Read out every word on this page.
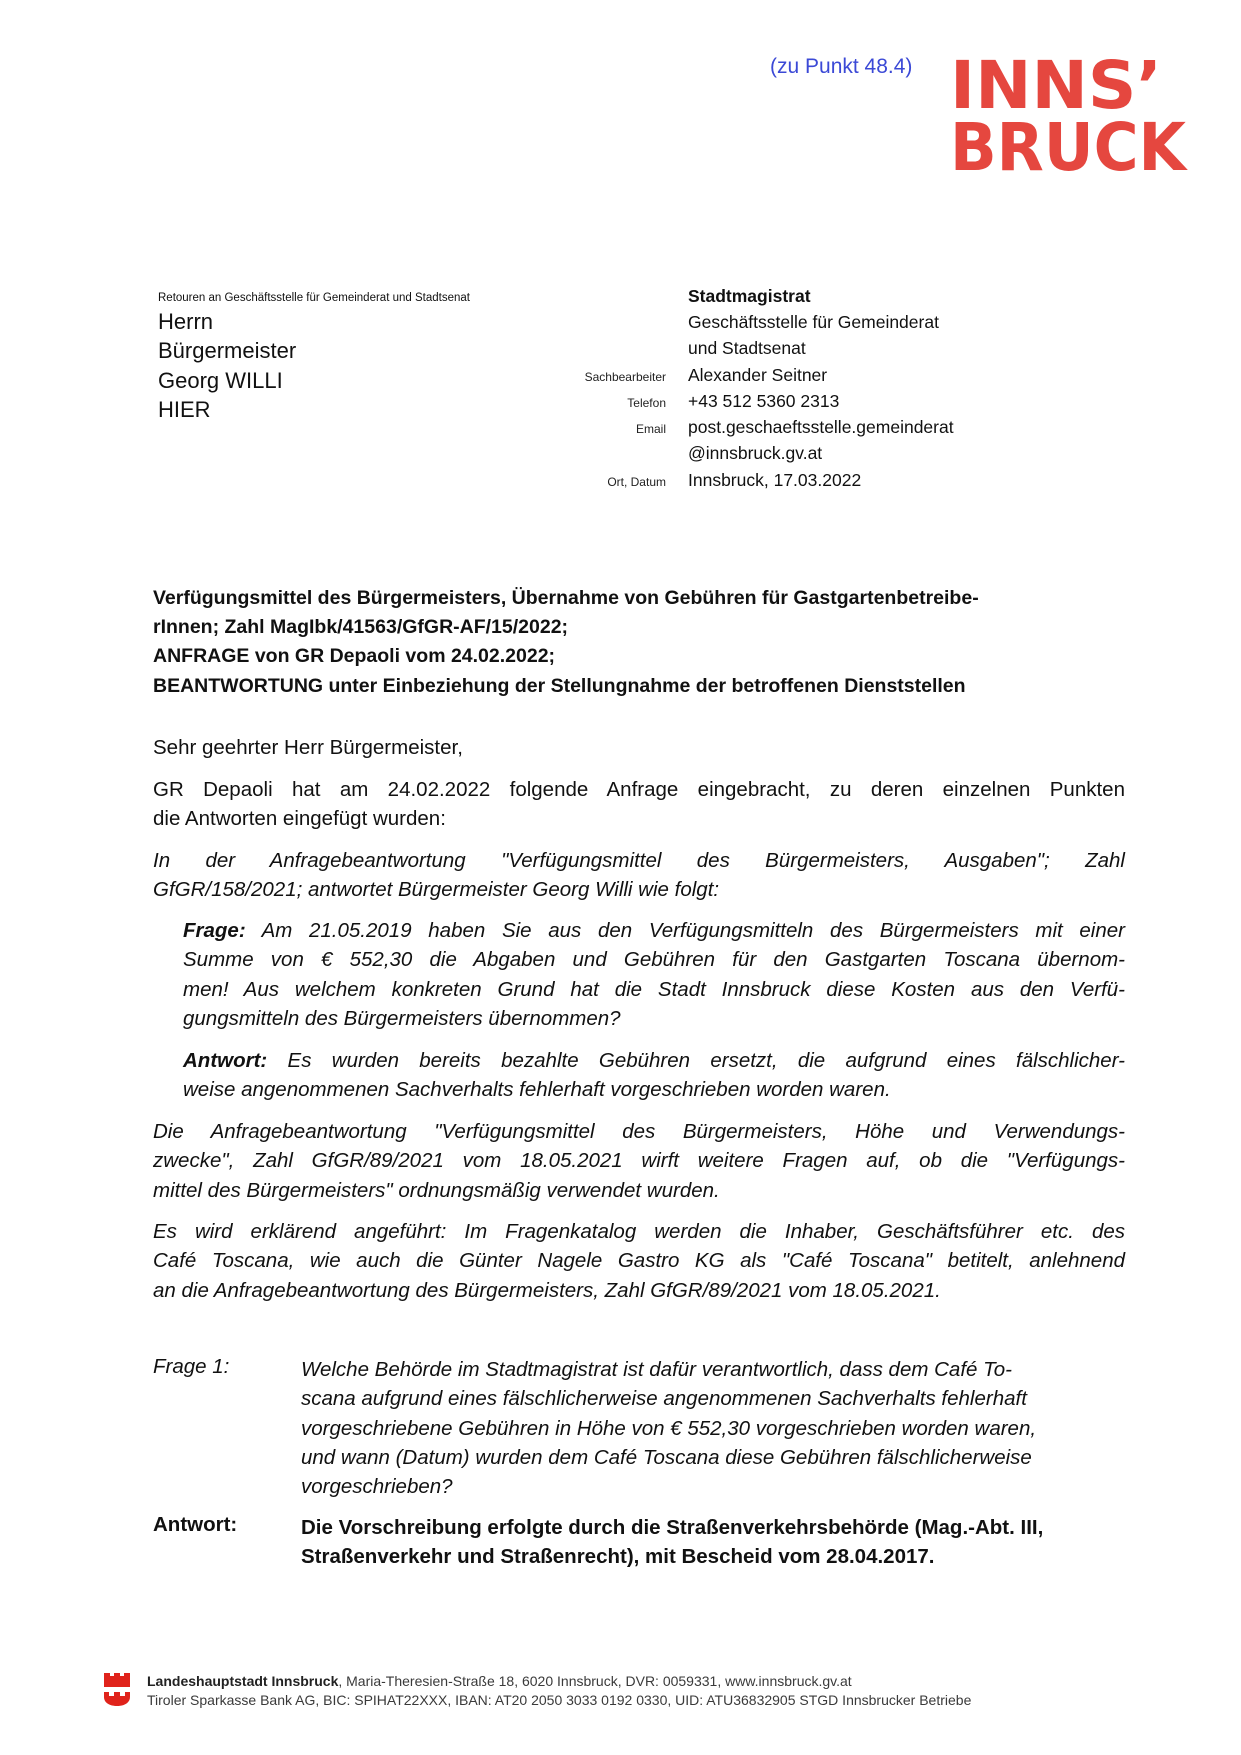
(zu Punkt 48.4) INNS’
BRUCK
Retouren an Geschäftsstelle für Gemeinderat und Stadtsenat
Herrn
Bürgermeister
Georg WILLI
HIER
Stadtmagistrat
Geschäftsstelle für Gemeinderat
und Stadtsenat
Sachbearbeiter Alexander Seitner
Telefon +43 512 5360 2313
Email post.geschaeftsstelle.gemeinderat
@innsbruck.gv.at
Ort, Datum Innsbruck, 17.03.2022
Verfügungsmittel des Bürgermeisters, Übernahme von Gebühren für Gastgartenbetreibe-
rInnen; Zahl MagIbk/41563/GfGR-AF/15/2022;
ANFRAGE von GR Depaoli vom 24.02.2022;
BEANTWORTUNG unter Einbeziehung der Stellungnahme der betroffenen Dienststellen
Sehr geehrter Herr Bürgermeister,
GR Depaoli hat am 24.02.2022 folgende Anfrage eingebracht, zu deren einzelnen Punkten
die Antworten eingefügt wurden:
In der Anfragebeantwortung "Verfügungsmittel des Bürgermeisters, Ausgaben"; Zahl
GfGR/158/2021; antwortet Bürgermeister Georg Willi wie folgt:
Frage: Am 21.05.2019 haben Sie aus den Verfügungsmitteln des Bürgermeisters mit einer
Summe von € 552,30 die Abgaben und Gebühren für den Gastgarten Toscana übernom-
men! Aus welchem konkreten Grund hat die Stadt Innsbruck diese Kosten aus den Verfü-
gungsmitteln des Bürgermeisters übernommen?
Antwort: Es wurden bereits bezahlte Gebühren ersetzt, die aufgrund eines fälschlicher-
weise angenommenen Sachverhalts fehlerhaft vorgeschrieben worden waren.
Die Anfragebeantwortung "Verfügungsmittel des Bürgermeisters, Höhe und Verwendungs-
zwecke", Zahl GfGR/89/2021 vom 18.05.2021 wirft weitere Fragen auf, ob die "Verfügungs-
mittel des Bürgermeisters" ordnungsmäßig verwendet wurden.
Es wird erklärend angeführt: Im Fragenkatalog werden die Inhaber, Geschäftsführer etc. des
Café Toscana, wie auch die Günter Nagele Gastro KG als "Café Toscana" betitelt, anlehnend
an die Anfragebeantwortung des Bürgermeisters, Zahl GfGR/89/2021 vom 18.05.2021.
Frage 1:	Welche Behörde im Stadtmagistrat ist dafür verantwortlich, dass dem Café To-
scana aufgrund eines fälschlicherweise angenommenen Sachverhalts fehlerhaft
vorgeschriebene Gebühren in Höhe von € 552,30 vorgeschrieben worden waren,
und wann (Datum) wurden dem Café Toscana diese Gebühren fälschlicherweise
vorgeschrieben?
Antwort:	Die Vorschreibung erfolgte durch die Straßenverkehrsbehörde (Mag.-Abt. III,
Straßenverkehr und Straßenrecht), mit Bescheid vom 28.04.2017.
Landeshauptstadt Innsbruck, Maria-Theresien-Straße 18, 6020 Innsbruck, DVR: 0059331, www.innsbruck.gv.at
Tiroler Sparkasse Bank AG, BIC: SPIHAT22XXX, IBAN: AT20 2050 3033 0192 0330, UID: ATU36832905 STGD Innsbrucker Betriebe
